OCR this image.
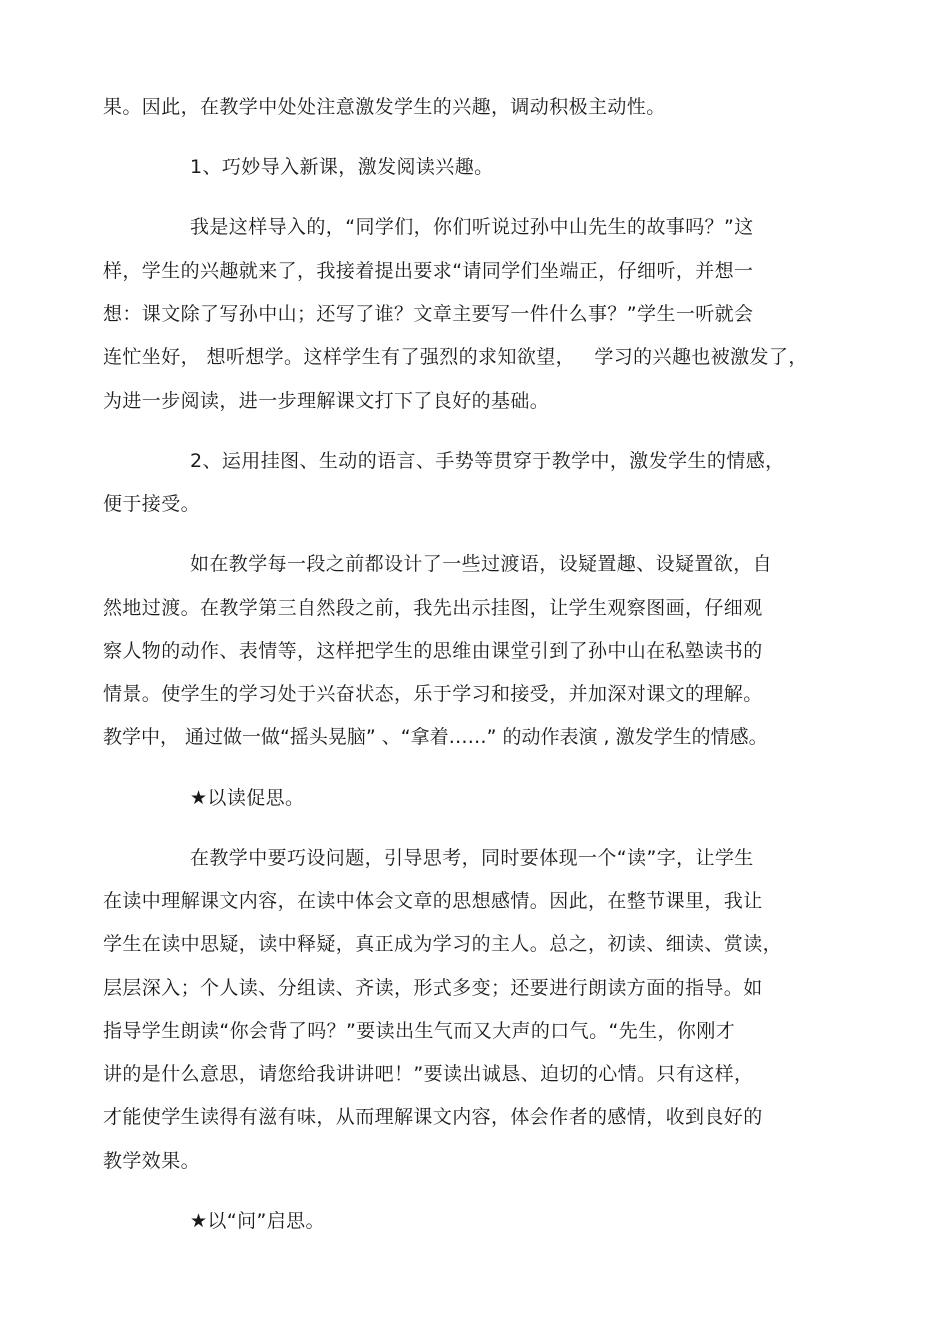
果。因此，在教学中处处注意激发学生的兴趣，调动积极主动性。
1、巧妙导入新课，激发阅读兴趣。
我是这样导入的，“同学们，你们听说过孙中山先生的故事吗？”这
样，学生的兴趣就来了，我接着提出要求“请同学们坐端正，仔细听，并想一
想：课文除了写孙中山；还写了谁？文章主要写一件什么事？”学生一听就会
连忙坐好， 想听想学。这样学生有了强烈的求知欲望，   学习的兴趣也被激发了，
为进一步阅读，进一步理解课文打下了良好的基础。
2、运用挂图、生动的语言、手势等贯穿于教学中，激发学生的情感，
便于接受。
如在教学每一段之前都设计了一些过渡语，设疑置趣、设疑置欲，自
然地过渡。在教学第三自然段之前，我先出示挂图，让学生观察图画，仔细观
察人物的动作、表情等，这样把学生的思维由课堂引到了孙中山在私塾读书的
情景。使学生的学习处于兴奋状态，乐于学习和接受，并加深对课文的理解。
教学中， 通过做一做“摇头晃脑” 、“拿着……” 的动作表演 , 激发学生的情感。
★以读促思。
在教学中要巧设问题，引导思考，同时要体现一个“读”字，让学生
在读中理解课文内容，在读中体会文章的思想感情。因此，在整节课里，我让
学生在读中思疑，读中释疑，真正成为学习的主人。总之，初读、细读、赏读，
层层深入；个人读、分组读、齐读，形式多变；还要进行朗读方面的指导。如
指导学生朗读“你会背了吗？”要读出生气而又大声的口气。“先生，你刚才
讲的是什么意思，请您给我讲讲吧！”要读出诚恳、迫切的心情。只有这样，
才能使学生读得有滋有味，从而理解课文内容，体会作者的感情，收到良好的
教学效果。
★以“问”启思。
